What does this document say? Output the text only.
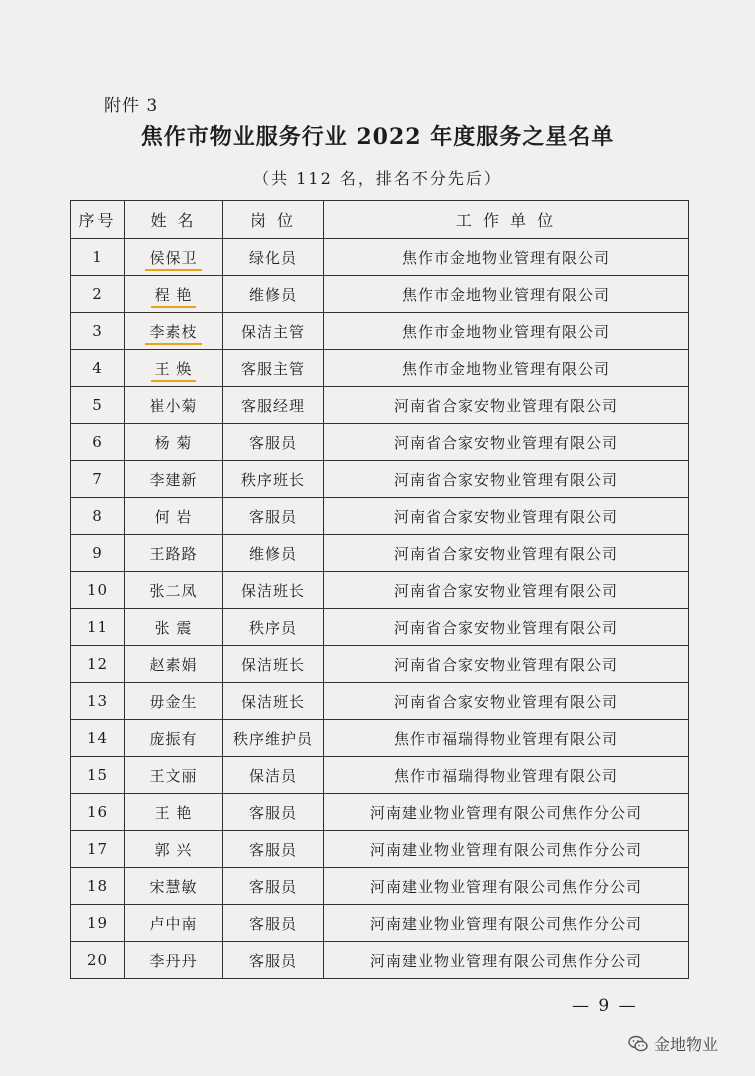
附件 3
焦作市物业服务行业 2022 年度服务之星名单
（共 112 名，排名不分先后）
序号	姓 名	岗 位	工 作 单 位
1	侯保卫	绿化员	焦作市金地物业管理有限公司
2	程 艳	维修员	焦作市金地物业管理有限公司
3	李素枝	保洁主管	焦作市金地物业管理有限公司
4	王 焕	客服主管	焦作市金地物业管理有限公司
5	崔小菊	客服经理	河南省合家安物业管理有限公司
6	杨 菊	客服员	河南省合家安物业管理有限公司
7	李建新	秩序班长	河南省合家安物业管理有限公司
8	何 岩	客服员	河南省合家安物业管理有限公司
9	王路路	维修员	河南省合家安物业管理有限公司
10	张二凤	保洁班长	河南省合家安物业管理有限公司
11	张 震	秩序员	河南省合家安物业管理有限公司
12	赵素娟	保洁班长	河南省合家安物业管理有限公司
13	毋金生	保洁班长	河南省合家安物业管理有限公司
14	庞振有	秩序维护员	焦作市福瑞得物业管理有限公司
15	王文丽	保洁员	焦作市福瑞得物业管理有限公司
16	王 艳	客服员	河南建业物业管理有限公司焦作分公司
17	郭 兴	客服员	河南建业物业管理有限公司焦作分公司
18	宋慧敏	客服员	河南建业物业管理有限公司焦作分公司
19	卢中南	客服员	河南建业物业管理有限公司焦作分公司
20	李丹丹	客服员	河南建业物业管理有限公司焦作分公司
— 9 —
金地物业
